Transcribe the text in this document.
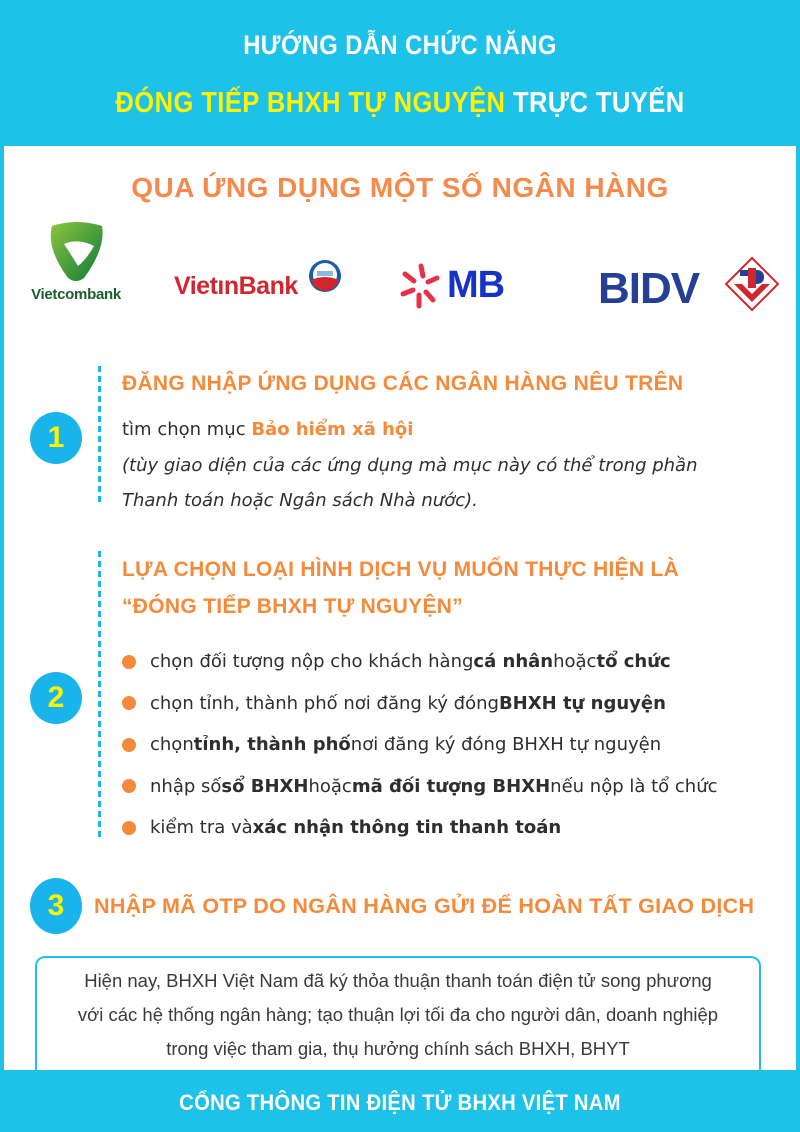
HƯỚNG DẪN CHỨC NĂNG
ĐÓNG TIẾP BHXH TỰ NGUYỆN TRỰC TUYẾN
QUA ỨNG DỤNG MỘT SỐ NGÂN HÀNG
Vietcombank VietınBank	MB BIDV
1
ĐĂNG NHẬP ỨNG DỤNG CÁC NGÂN HÀNG NÊU TRÊN
tìm chọn mục Bảo hiểm xã hội
(tùy giao diện của các ứng dụng mà mục này có thể trong phần
Thanh toán hoặc Ngân sách Nhà nước).
2
LỰA CHỌN LOẠI HÌNH DỊCH VỤ MUỐN THỰC HIỆN LÀ
“ĐÓNG TIẾP BHXH TỰ NGUYỆN”
chọn đối tượng nộp cho khách hàng cá nhân hoặc tổ chức
chọn tỉnh, thành phố nơi đăng ký đóng BHXH tự nguyện
chọn tỉnh, thành phố nơi đăng ký đóng BHXH tự nguyện
nhập số sổ BHXH hoặc mã đối tượng BHXH nếu nộp là tổ chức
kiểm tra và xác nhận thông tin thanh toán
3	NHẬP MÃ OTP DO NGÂN HÀNG GỬI ĐỂ HOÀN TẤT GIAO DỊCH
Hiện nay, BHXH Việt Nam đã ký thỏa thuận thanh toán điện tử song phương
với các hệ thống ngân hàng; tạo thuận lợi tối đa cho người dân, doanh nghiệp
trong việc tham gia, thụ hưởng chính sách BHXH, BHYT
CỔNG THÔNG TIN ĐIỆN TỬ BHXH VIỆT NAM
